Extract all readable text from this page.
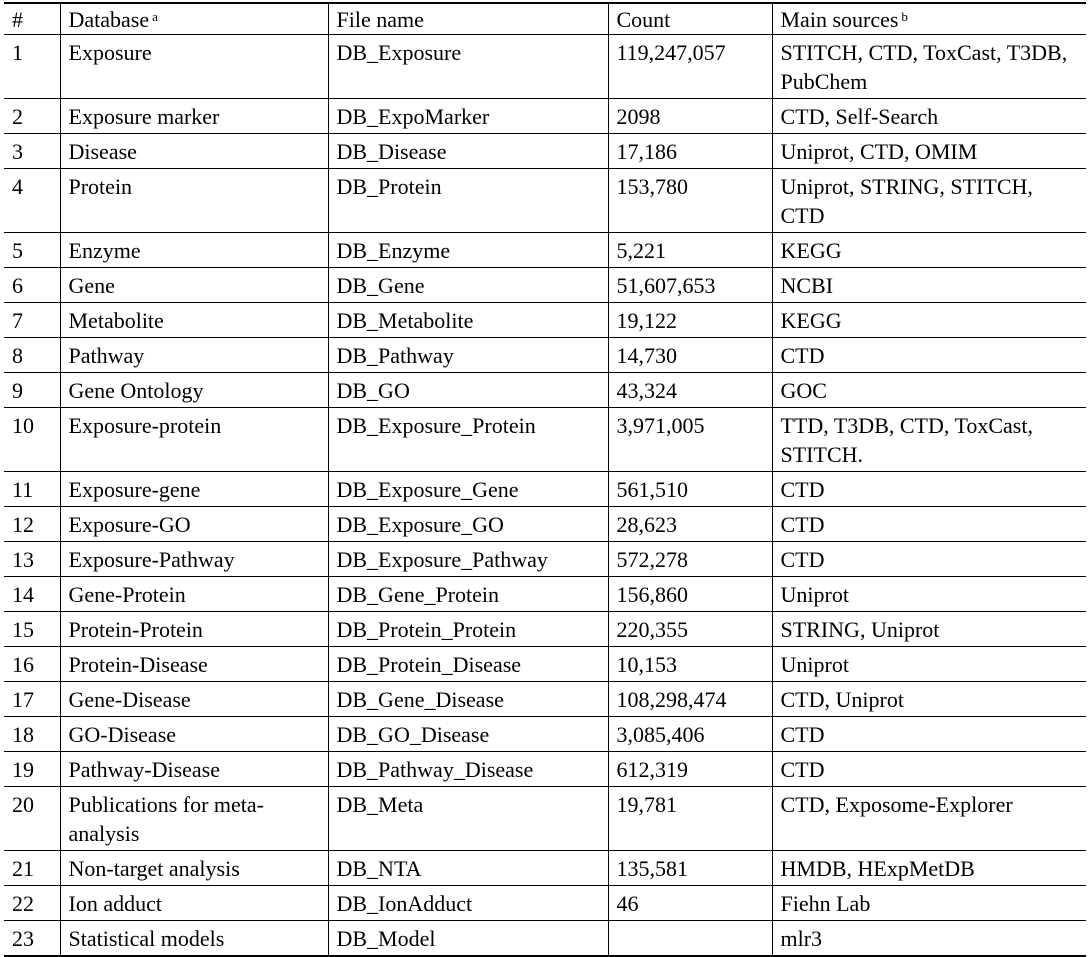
#	Database $^a$	File name	Count	Main sources $^b$
1	Exposure	DB_Exposure	119,247,057	STITCH, CTD, ToxCast, T3DB, PubChem
2	Exposure marker	DB_ExpoMarker	2098	CTD, Self-Search
3	Disease	DB_Disease	17,186	Uniprot, CTD, OMIM
4	Protein	DB_Protein	153,780	Uniprot, STRING, STITCH, CTD
5	Enzyme	DB_Enzyme	5,221	KEGG
6	Gene	DB_Gene	51,607,653	NCBI
7	Metabolite	DB_Metabolite	19,122	KEGG
8	Pathway	DB_Pathway	14,730	CTD
9	Gene Ontology	DB_GO	43,324	GOC
10	Exposure-protein	DB_Exposure_Protein	3,971,005	TTD, T3DB, CTD, ToxCast, STITCH.
11	Exposure-gene	DB_Exposure_Gene	561,510	CTD
12	Exposure-GO	DB_Exposure_GO	28,623	CTD
13	Exposure-Pathway	DB_Exposure_Pathway	572,278	CTD
14	Gene-Protein	DB_Gene_Protein	156,860	Uniprot
15	Protein-Protein	DB_Protein_Protein	220,355	STRING, Uniprot
16	Protein-Disease	DB_Protein_Disease	10,153	Uniprot
17	Gene-Disease	DB_Gene_Disease	108,298,474	CTD, Uniprot
18	GO-Disease	DB_GO_Disease	3,085,406	CTD
19	Pathway-Disease	DB_Pathway_Disease	612,319	CTD
20	Publications for meta-analysis	DB_Meta	19,781	CTD, Exposome-Explorer
21	Non-target analysis	DB_NTA	135,581	HMDB, HExpMetDB
22	Ion adduct	DB_IonAdduct	46	Fiehn Lab
23	Statistical models	DB_Model		mlr3
